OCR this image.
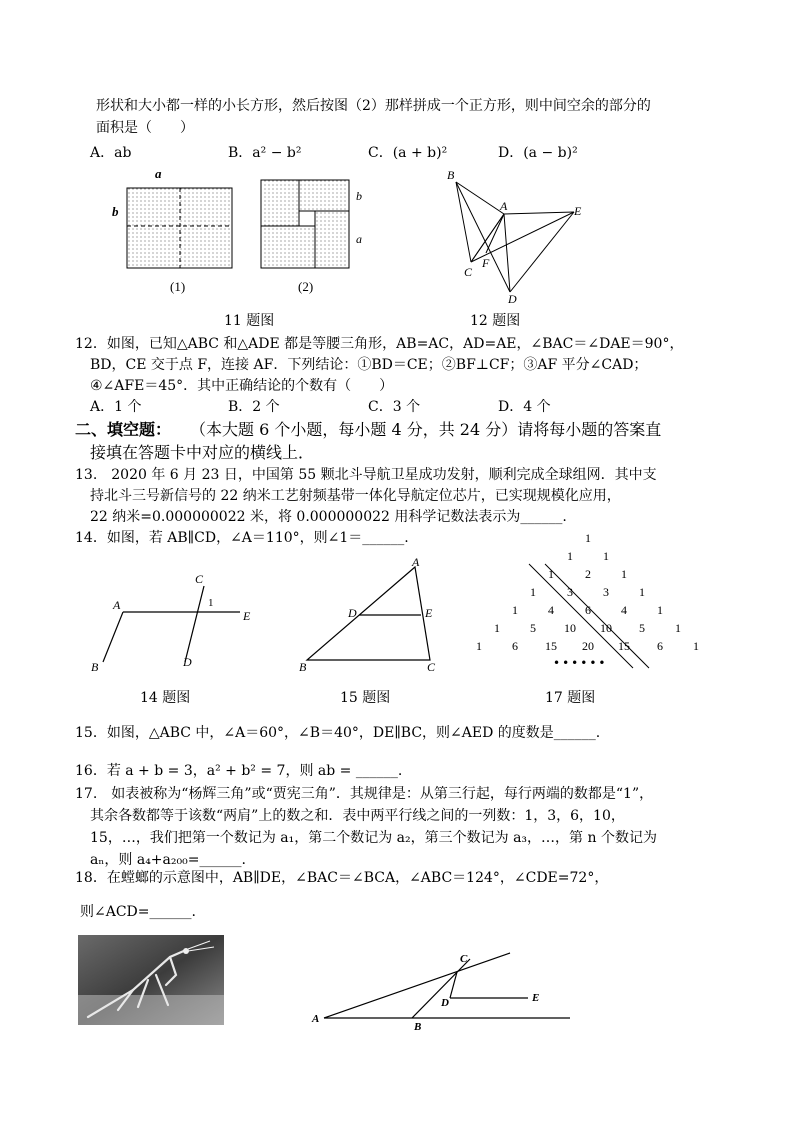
形状和大小都一样的小长方形，然后按图（2）那样拼成一个正方形，则中间空余的部分的
面积是（　　）
A．ab	B．a² − b²	C．(a + b)²	D．(a − b)²
a
b
(1)
b
a
(2)
11 题图
B
A	E
F
C
D
12 题图
12．如图，已知△ABC 和△ADE 都是等腰三角形，AB=AC，AD=AE，∠BAC＝∠DAE＝90°，
BD，CE 交于点 F，连接 AF．下列结论：①BD＝CE；②BF⊥CF；③AF 平分∠CAD；
④∠AFE＝45°．其中正确结论的个数有（　　）
A．1 个	B．2 个	C．3 个	D．4 个
二、填空题： （本大题 6 个小题，每小题 4 分，共 24 分）请将每小题的答案直
接填在答题卡中对应的横线上．
13.　2020 年 6 月 23 日，中国第 55 颗北斗导航卫星成功发射，顺利完成全球组网．其中支
持北斗三号新信号的 22 纳米工艺射频基带一体化导航定位芯片，已实现规模化应用，
22 纳米=0.000000022 米，将 0.000000022 用科学记数法表示为______.
14．如图，若 AB∥CD，∠A＝110°，则∠1＝______.
A
B
C
D
E
1
14 题图
A
D	E
B	C
15 题图
1
1	1
1	2	1
1	3	3	1
1	4	6	4	1
1	5	10	10	5	1
1	6	15	20	15	6	1
••••••
17 题图
15．如图，△ABC 中，∠A＝60°，∠B＝40°，DE∥BC，则∠AED 的度数是______.
16．若 a + b = 3，a² + b² = 7，则 ab = ______.
17.　如表被称为“杨辉三角”或“贾宪三角”．其规律是：从第三行起，每行两端的数都是“1”，
其余各数都等于该数“两肩”上的数之和．表中两平行线之间的一列数：1，3，6，10，
15，…，我们把第一个数记为 a₁，第二个数记为 a₂，第三个数记为 a₃，…，第 n 个数记为
aₙ，则 a₄+a₂₀₀=______.
18．在螳螂的示意图中，AB∥DE，∠BAC＝∠BCA，∠ABC＝124°，∠CDE=72°，
则∠ACD=______.
C
D	E
A
B
